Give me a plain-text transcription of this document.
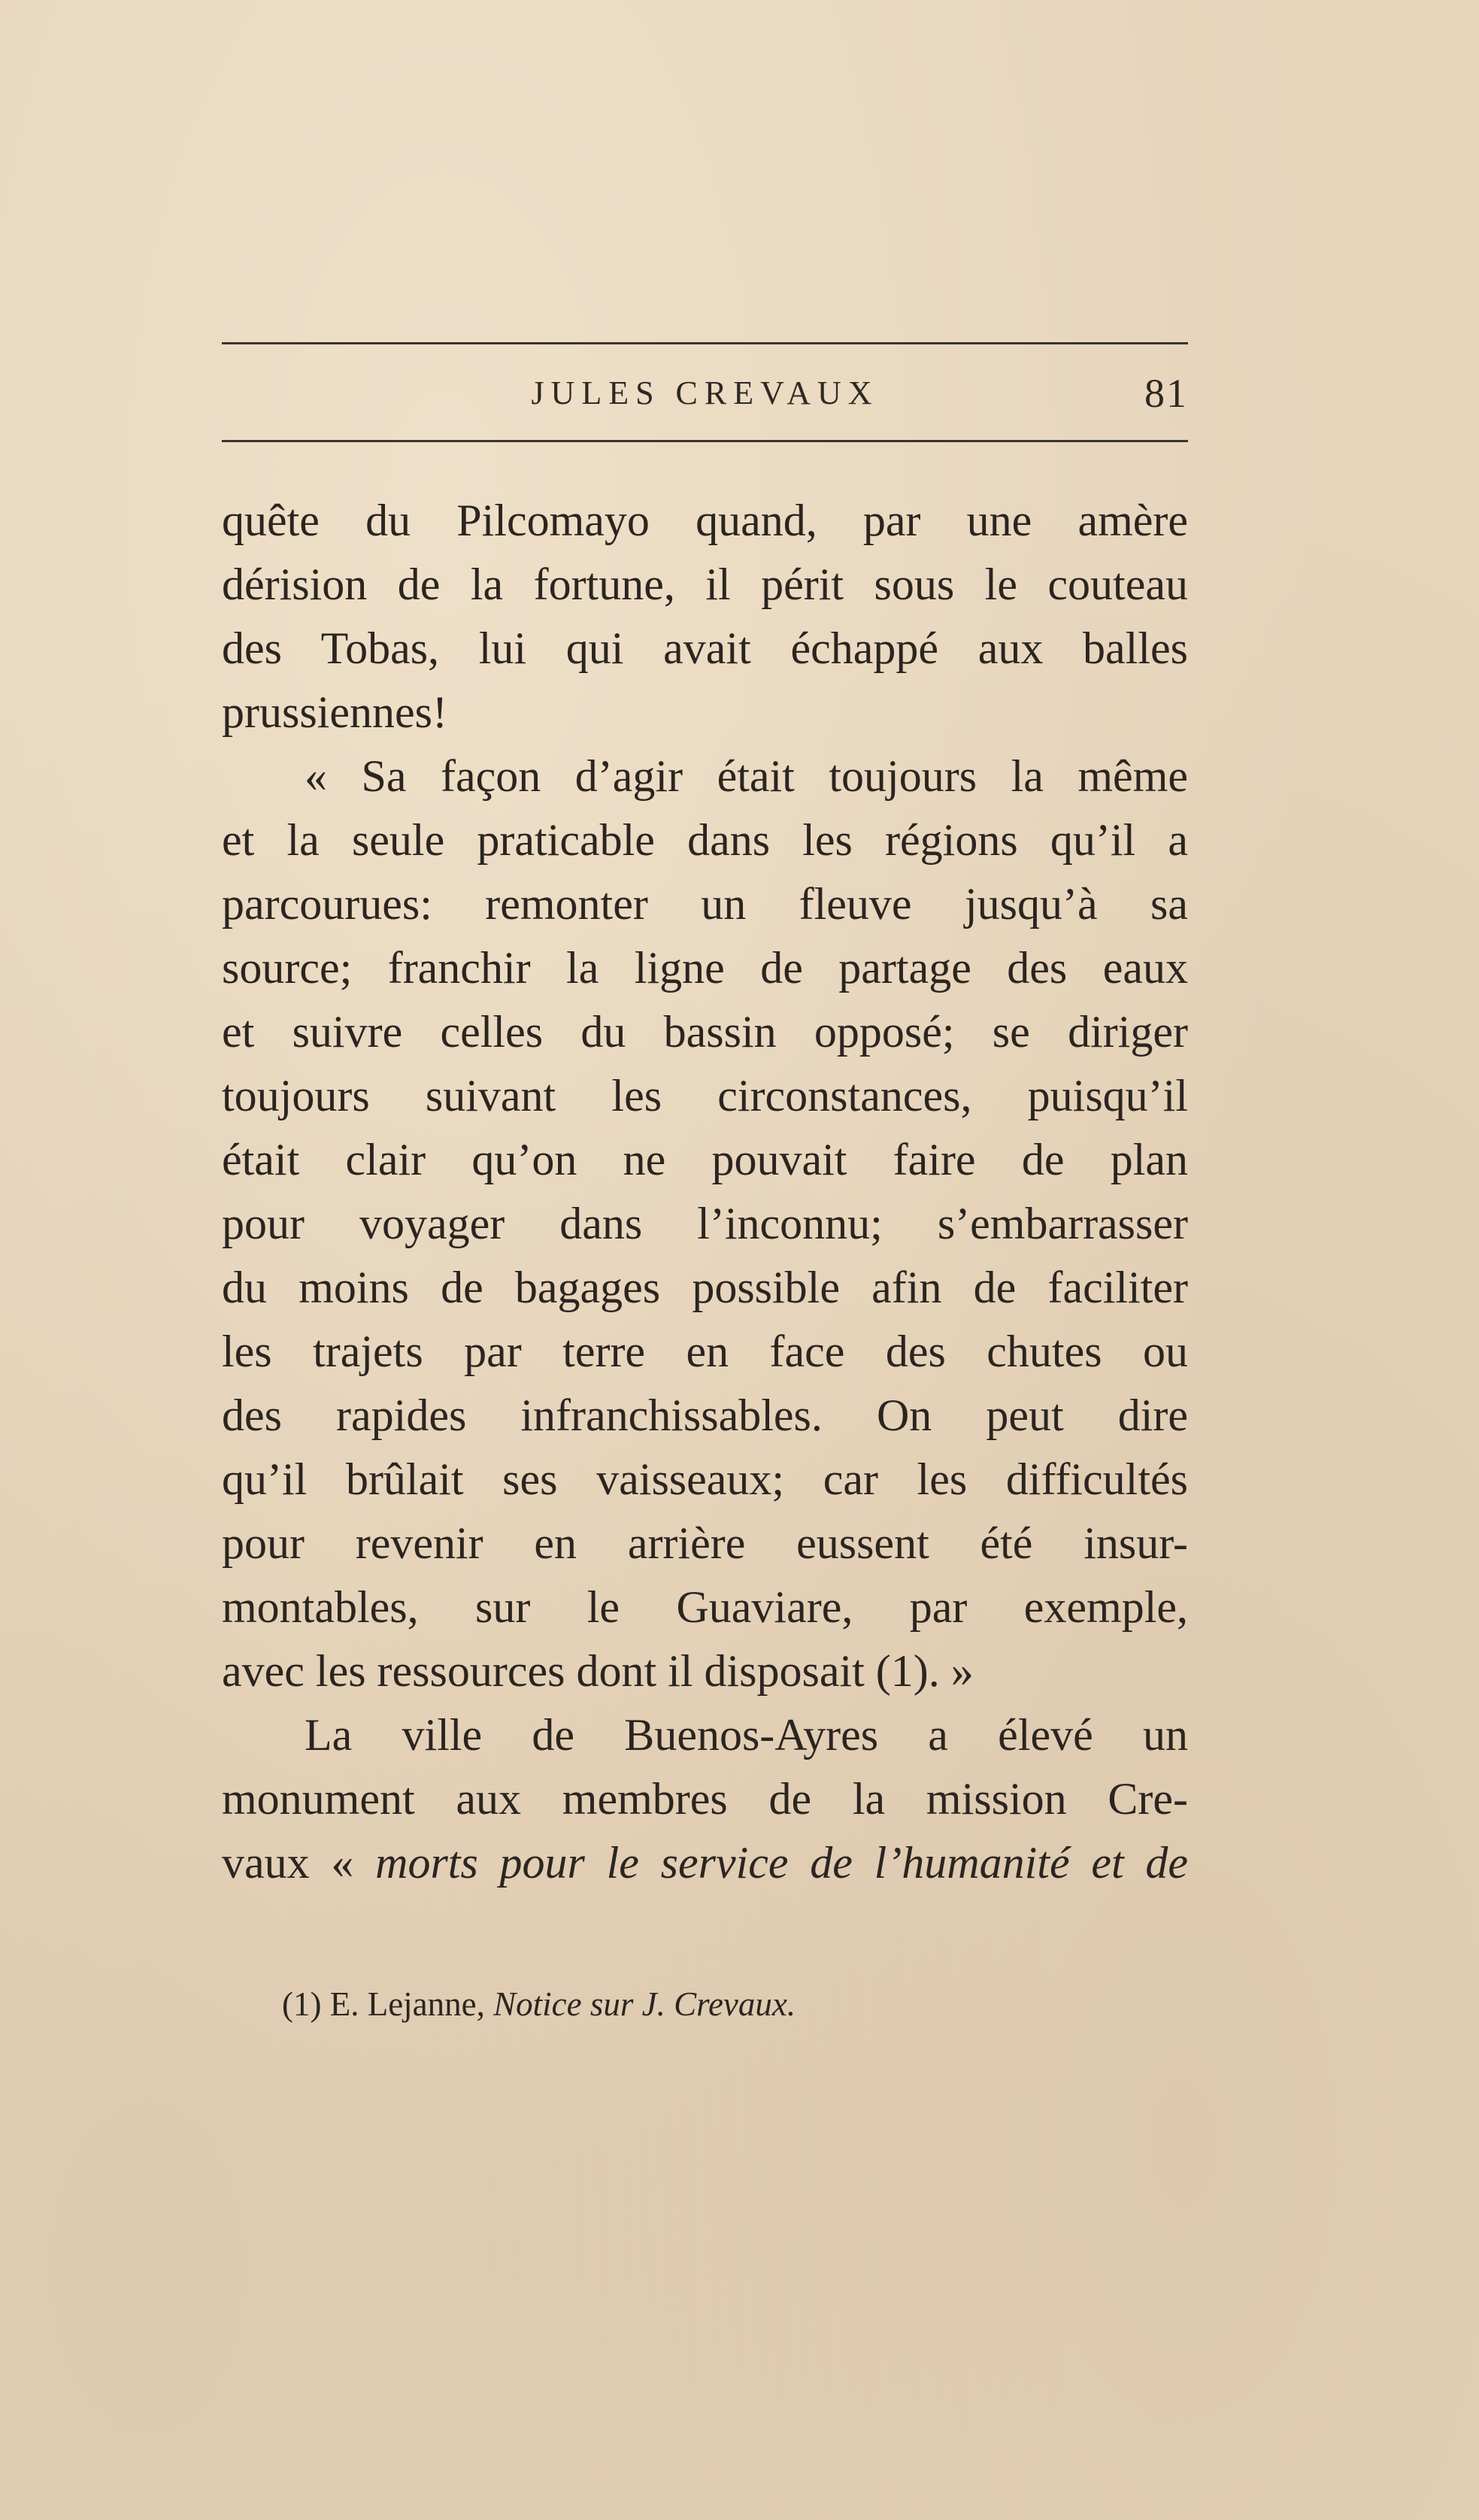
JULES CREVAUX	81
quête du Pilcomayo quand, par une amère
dérision de la fortune, il périt sous le couteau
des Tobas, lui qui avait échappé aux balles
prussiennes!
« Sa façon d’agir était toujours la même
et la seule praticable dans les régions qu’il a
parcourues: remonter un fleuve jusqu’à sa
source; franchir la ligne de partage des eaux
et suivre celles du bassin opposé; se diriger
toujours suivant les circonstances, puisqu’il
était clair qu’on ne pouvait faire de plan
pour voyager dans l’inconnu; s’embarrasser
du moins de bagages possible afin de faciliter
les trajets par terre en face des chutes ou
des rapides infranchissables. On peut dire
qu’il brûlait ses vaisseaux; car les difficultés
pour revenir en arrière eussent été insur-
montables, sur le Guaviare, par exemple,
avec les ressources dont il disposait (1). »
La ville de Buenos-Ayres a élevé un
monument aux membres de la mission Cre-
vaux « morts pour le service de l’humanité et de
(1) E. Lejanne, Notice sur J. Crevaux.
